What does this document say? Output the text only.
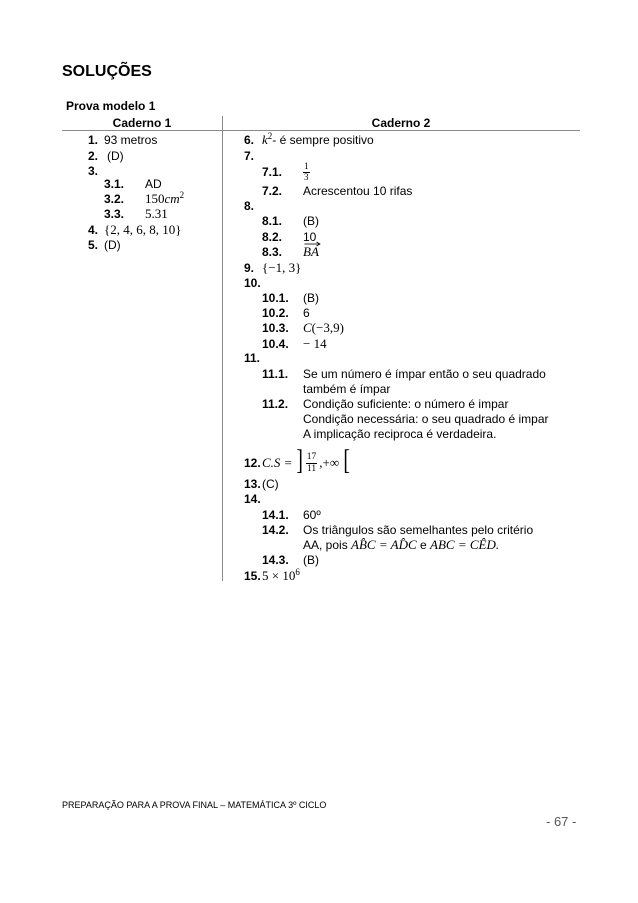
SOLUÇÕES
Prova modelo 1
Caderno 1	Caderno 2
1. 93 metros
2. (D)
3.
3.1. AD
3.2. $150cm^2$
3.3. 5.31
4. {2, 4, 6, 8, 10}
5. (D)
6. $k^2-$ é sempre positivo
7.
7.1. $\frac{1}{3}$
7.2. Acrescentou 10 rifas
8.
8.1. (B)
8.2. 10
8.3. BA
9. {−1, 3}
10.
10.1. (B)
10.2. 6
10.3. C(−3,9)
10.4. − 14
11.
11.1. Se um número é ímpar então o seu quadrado
também é ímpar
11.2. Condição suficiente: o número é impar
Condição necessária: o seu quadrado é impar
A implicação reciproca é verdadeira.
12. C.S = ] $\frac{17}{11}$ ,+∞ [
13. (C)
14.
14.1. 60º
14.2. Os triângulos são semelhantes pelo critério
AA, pois AB̂C = AD̂C e ABC = CÊD.
14.3. (B)
15. $5 \times 10^6$
PREPARAÇÃO PARA A PROVA FINAL – MATEMÁTICA 3º CICLO
- 67 -
